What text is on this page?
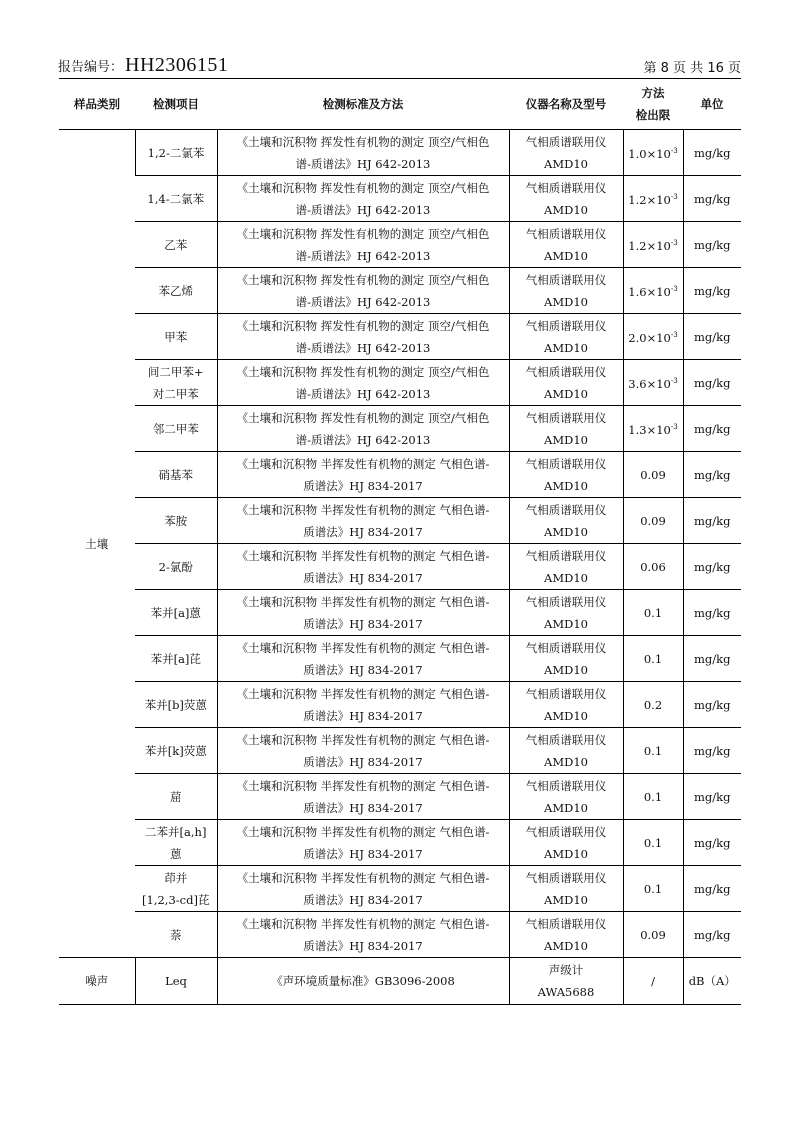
报告编号： HH2306151	第 8 页 共 16 页
样品类别	检测项目	检测标准及方法	仪器名称及型号	方法
检出限	单位
土壤	1,2-二氯苯	《土壤和沉积物 挥发性有机物的测定 顶空/气相色
谱-质谱法》HJ 642-2013	气相质谱联用仪
AMD10	$1.0\times 10^{-3}$	mg/kg
	1,4-二氯苯	《土壤和沉积物 挥发性有机物的测定 顶空/气相色
谱-质谱法》HJ 642-2013	气相质谱联用仪
AMD10	$1.2\times 10^{-3}$	mg/kg
	乙苯	《土壤和沉积物 挥发性有机物的测定 顶空/气相色
谱-质谱法》HJ 642-2013	气相质谱联用仪
AMD10	$1.2\times 10^{-3}$	mg/kg
	苯乙烯	《土壤和沉积物 挥发性有机物的测定 顶空/气相色
谱-质谱法》HJ 642-2013	气相质谱联用仪
AMD10	$1.6\times 10^{-3}$	mg/kg
	甲苯	《土壤和沉积物 挥发性有机物的测定 顶空/气相色
谱-质谱法》HJ 642-2013	气相质谱联用仪
AMD10	$2.0\times 10^{-3}$	mg/kg

	间二甲苯+
对二甲苯	《土壤和沉积物 挥发性有机物的测定 顶空/气相色
谱-质谱法》HJ 642-2013	气相质谱联用仪
AMD10	$3.6\times 10^{-3}$	mg/kg
	邻二甲苯	《土壤和沉积物 挥发性有机物的测定 顶空/气相色
谱-质谱法》HJ 642-2013	气相质谱联用仪
AMD10	$1.3\times 10^{-3}$	mg/kg
	硝基苯	《土壤和沉积物 半挥发性有机物的测定 气相色谱-
质谱法》HJ 834-2017	气相质谱联用仪
AMD10	0.09	mg/kg
	苯胺	《土壤和沉积物 半挥发性有机物的测定 气相色谱-
质谱法》HJ 834-2017	气相质谱联用仪
AMD10	0.09	mg/kg
	2-氯酚	《土壤和沉积物 半挥发性有机物的测定 气相色谱-
质谱法》HJ 834-2017	气相质谱联用仪
AMD10	0.06	mg/kg
	苯并[a]蒽	《土壤和沉积物 半挥发性有机物的测定 气相色谱-
质谱法》HJ 834-2017	气相质谱联用仪
AMD10	0.1	mg/kg
	苯并[a]芘	《土壤和沉积物 半挥发性有机物的测定 气相色谱-
质谱法》HJ 834-2017	气相质谱联用仪
AMD10	0.1	mg/kg
	苯并[b]荧蒽	《土壤和沉积物 半挥发性有机物的测定 气相色谱-
质谱法》HJ 834-2017	气相质谱联用仪
AMD10	0.2	mg/kg
	苯并[k]荧蒽	《土壤和沉积物 半挥发性有机物的测定 气相色谱-
质谱法》HJ 834-2017	气相质谱联用仪
AMD10	0.1	mg/kg
	䓛	《土壤和沉积物 半挥发性有机物的测定 气相色谱-
质谱法》HJ 834-2017	气相质谱联用仪
AMD10	0.1	mg/kg

	二苯并[a,h]
蒽	《土壤和沉积物 半挥发性有机物的测定 气相色谱-
质谱法》HJ 834-2017	气相质谱联用仪
AMD10	0.1	mg/kg

	茚并
[1,2,3-cd]芘	《土壤和沉积物 半挥发性有机物的测定 气相色谱-
质谱法》HJ 834-2017	气相质谱联用仪
AMD10	0.1	mg/kg
	萘	《土壤和沉积物 半挥发性有机物的测定 气相色谱-
质谱法》HJ 834-2017	气相质谱联用仪
AMD10	0.09	mg/kg
噪声	Leq	《声环境质量标准》GB3096-2008	声级计
AWA5688	/	dB（A）
